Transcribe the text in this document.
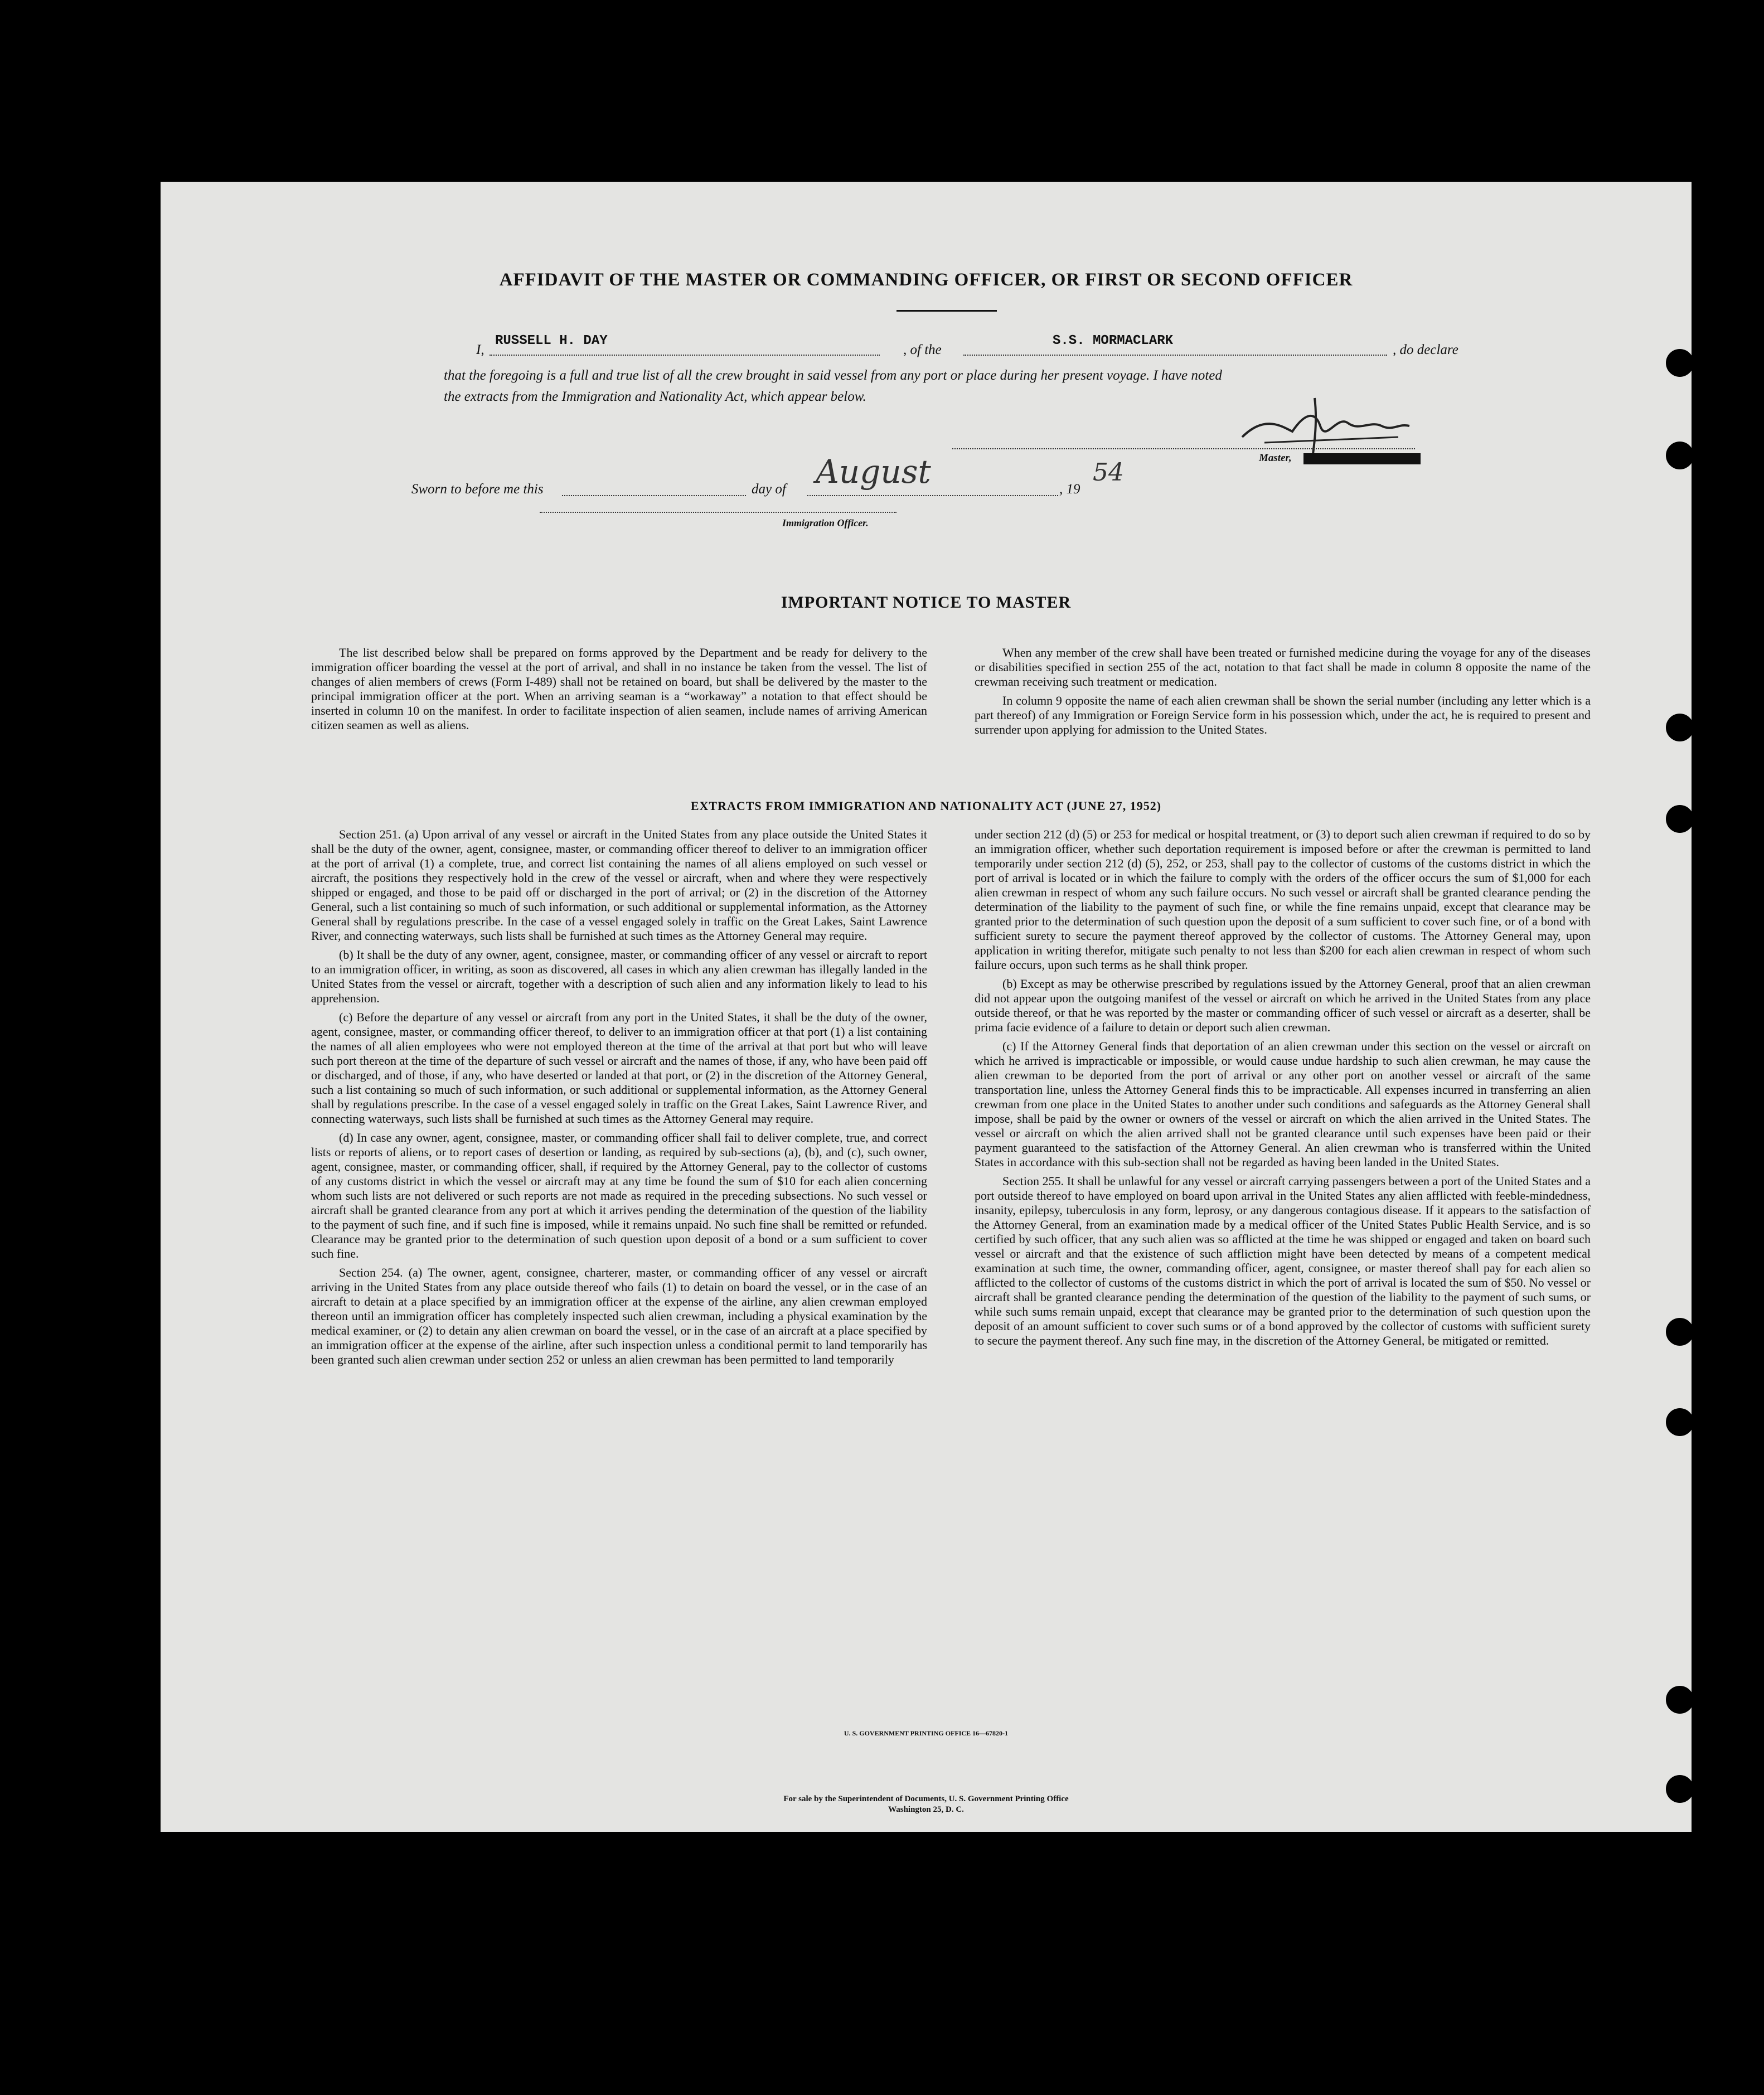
AFFIDAVIT OF THE MASTER OR COMMANDING OFFICER, OR FIRST OR SECOND OFFICER
I,
RUSSELL H. DAY
, of the
S.S. MORMACLARK
, do declare
that the foregoing is a full and true list of all the crew brought in said vessel from any port or place during her present voyage. I have noted
the extracts from the Immigration and Nationality Act, which appear below.
Master,
Sworn to before me this	day of August	, 19
54
Immigration Officer.
IMPORTANT NOTICE TO MASTER

The list described below shall be prepared on forms approved by the Department and be ready for delivery to the immigration officer boarding the vessel at the port of arrival, and shall in no instance be taken from the vessel. The list of changes of alien members of crews (Form I-489) shall not be retained on board, but shall be delivered by the master to the principal immigration officer at the port. When an arriving seaman is a “workaway” a notation to that effect should be inserted in column 10 on the manifest. In order to facilitate inspection of alien seamen, include names of arriving American citizen seamen as well as aliens.

When any member of the crew shall have been treated or furnished medicine during the voyage for any of the diseases or disabilities specified in section 255 of the act, notation to that fact shall be made in column 8 opposite the name of the crewman receiving such treatment or medication.

In column 9 opposite the name of each alien crewman shall be shown the serial number (including any letter which is a part thereof) of any Immigration or Foreign Service form in his possession which, under the act, he is required to present and surrender upon applying for admission to the United States.

EXTRACTS FROM IMMIGRATION AND NATIONALITY ACT (JUNE 27, 1952)

Section 251. (a) Upon arrival of any vessel or aircraft in the United States from any place outside the United States it shall be the duty of the owner, agent, consignee, master, or commanding officer thereof to deliver to an immigration officer at the port of arrival (1) a complete, true, and correct list containing the names of all aliens employed on such vessel or aircraft, the positions they respectively hold in the crew of the vessel or aircraft, when and where they were respectively shipped or engaged, and those to be paid off or discharged in the port of arrival; or (2) in the discretion of the Attorney General, such a list containing so much of such information, or such additional or supplemental information, as the Attorney General shall by regulations prescribe. In the case of a vessel engaged solely in traffic on the Great Lakes, Saint Lawrence River, and connecting waterways, such lists shall be furnished at such times as the Attorney General may require.

(b) It shall be the duty of any owner, agent, consignee, master, or commanding officer of any vessel or aircraft to report to an immigration officer, in writing, as soon as discovered, all cases in which any alien crewman has illegally landed in the United States from the vessel or aircraft, together with a description of such alien and any information likely to lead to his apprehension.

(c) Before the departure of any vessel or aircraft from any port in the United States, it shall be the duty of the owner, agent, consignee, master, or commanding officer thereof, to deliver to an immigration officer at that port (1) a list containing the names of all alien employees who were not employed thereon at the time of the arrival at that port but who will leave such port thereon at the time of the departure of such vessel or aircraft and the names of those, if any, who have been paid off or discharged, and of those, if any, who have deserted or landed at that port, or (2) in the discretion of the Attorney General, such a list containing so much of such information, or such additional or supplemental information, as the Attorney General shall by regulations prescribe. In the case of a vessel engaged solely in traffic on the Great Lakes, Saint Lawrence River, and connecting waterways, such lists shall be furnished at such times as the Attorney General may require.

(d) In case any owner, agent, consignee, master, or commanding officer shall fail to deliver complete, true, and correct lists or reports of aliens, or to report cases of desertion or landing, as required by sub-sections (a), (b), and (c), such owner, agent, consignee, master, or commanding officer, shall, if required by the Attorney General, pay to the collector of customs of any customs district in which the vessel or aircraft may at any time be found the sum of $10 for each alien concerning whom such lists are not delivered or such reports are not made as required in the preceding subsections. No such vessel or aircraft shall be granted clearance from any port at which it arrives pending the determination of the question of the liability to the payment of such fine, and if such fine is imposed, while it remains unpaid. No such fine shall be remitted or refunded. Clearance may be granted prior to the determination of such question upon deposit of a bond or a sum sufficient to cover such fine.

Section 254. (a) The owner, agent, consignee, charterer, master, or commanding officer of any vessel or aircraft arriving in the United States from any place outside thereof who fails (1) to detain on board the vessel, or in the case of an aircraft to detain at a place specified by an immigration officer at the expense of the airline, any alien crewman employed thereon until an immigration officer has completely inspected such alien crewman, including a physical examination by the medical examiner, or (2) to detain any alien crewman on board the vessel, or in the case of an aircraft at a place specified by an immigration officer at the expense of the airline, after such inspection unless a conditional permit to land temporarily has been granted such alien crewman under section 252 or unless an alien crewman has been permitted to land temporarily

under section 212 (d) (5) or 253 for medical or hospital treatment, or (3) to deport such alien crewman if required to do so by an immigration officer, whether such deportation requirement is imposed before or after the crewman is permitted to land temporarily under section 212 (d) (5), 252, or 253, shall pay to the collector of customs of the customs district in which the port of arrival is located or in which the failure to comply with the orders of the officer occurs the sum of $1,000 for each alien crewman in respect of whom any such failure occurs. No such vessel or aircraft shall be granted clearance pending the determination of the liability to the payment of such fine, or while the fine remains unpaid, except that clearance may be granted prior to the determination of such question upon the deposit of a sum sufficient to cover such fine, or of a bond with sufficient surety to secure the payment thereof approved by the collector of customs. The Attorney General may, upon application in writing therefor, mitigate such penalty to not less than $200 for each alien crewman in respect of whom such failure occurs, upon such terms as he shall think proper.

(b) Except as may be otherwise prescribed by regulations issued by the Attorney General, proof that an alien crewman did not appear upon the outgoing manifest of the vessel or aircraft on which he arrived in the United States from any place outside thereof, or that he was reported by the master or commanding officer of such vessel or aircraft as a deserter, shall be prima facie evidence of a failure to detain or deport such alien crewman.

(c) If the Attorney General finds that deportation of an alien crewman under this section on the vessel or aircraft on which he arrived is impracticable or impossible, or would cause undue hardship to such alien crewman, he may cause the alien crewman to be deported from the port of arrival or any other port on another vessel or aircraft of the same transportation line, unless the Attorney General finds this to be impracticable. All expenses incurred in transferring an alien crewman from one place in the United States to another under such conditions and safeguards as the Attorney General shall impose, shall be paid by the owner or owners of the vessel or aircraft on which the alien arrived in the United States. The vessel or aircraft on which the alien arrived shall not be granted clearance until such expenses have been paid or their payment guaranteed to the satisfaction of the Attorney General. An alien crewman who is transferred within the United States in accordance with this sub-section shall not be regarded as having been landed in the United States.

Section 255. It shall be unlawful for any vessel or aircraft carrying passengers between a port of the United States and a port outside thereof to have employed on board upon arrival in the United States any alien afflicted with feeble-mindedness, insanity, epilepsy, tuberculosis in any form, leprosy, or any dangerous contagious disease. If it appears to the satisfaction of the Attorney General, from an examination made by a medical officer of the United States Public Health Service, and is so certified by such officer, that any such alien was so afflicted at the time he was shipped or engaged and taken on board such vessel or aircraft and that the existence of such affliction might have been detected by means of a competent medical examination at such time, the owner, commanding officer, agent, consignee, or master thereof shall pay for each alien so afflicted to the collector of customs of the customs district in which the port of arrival is located the sum of $50. No vessel or aircraft shall be granted clearance pending the determination of the question of the liability to the payment of such sums, or while such sums remain unpaid, except that clearance may be granted prior to the determination of such question upon the deposit of an amount sufficient to cover such sums or of a bond approved by the collector of customs with sufficient surety to secure the payment thereof. Any such fine may, in the discretion of the Attorney General, be mitigated or remitted.

U. S. GOVERNMENT PRINTING OFFICE 16—67820-1
For sale by the Superintendent of Documents, U. S. Government Printing Office
Washington 25, D. C.
